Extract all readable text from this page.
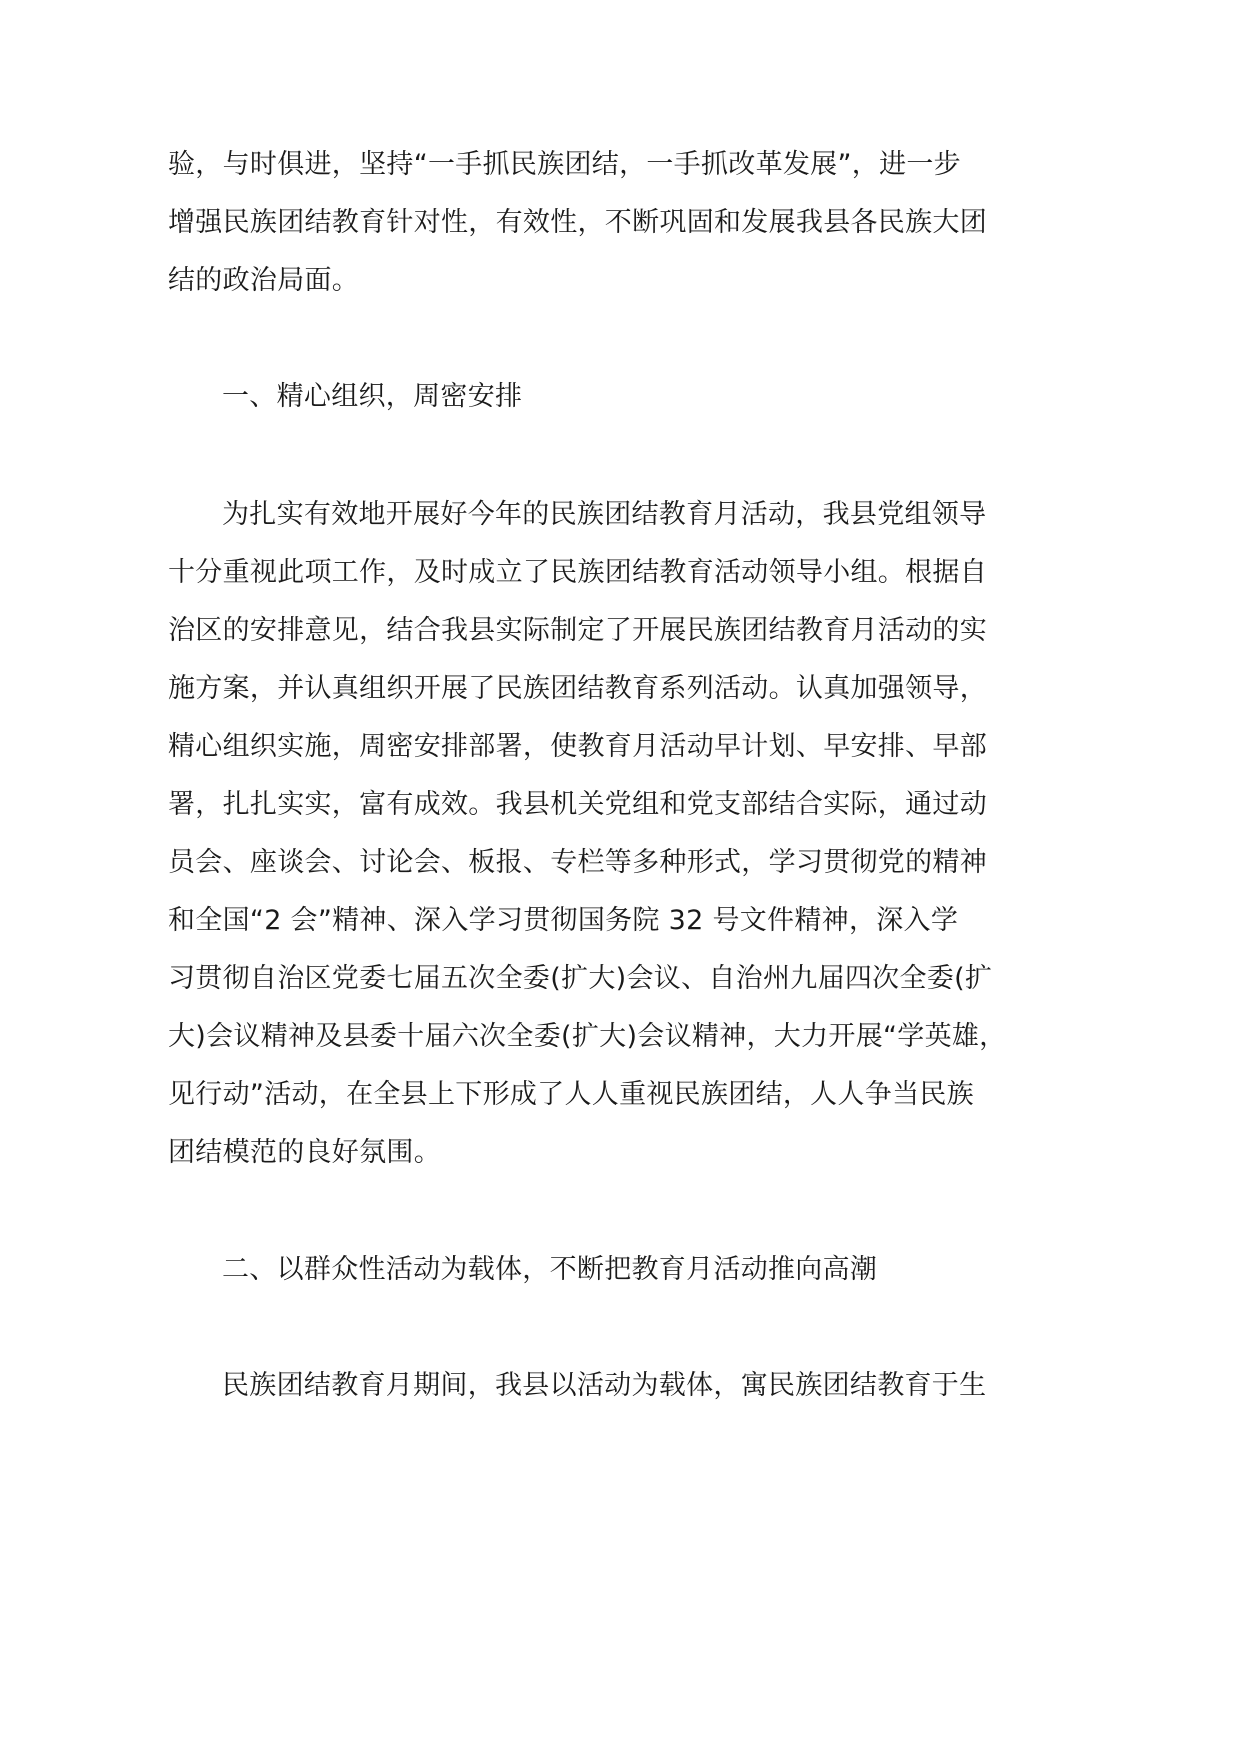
验，与时俱进，坚持“一手抓民族团结，一手抓改革发展”，进一步

增强民族团结教育针对性，有效性，不断巩固和发展我县各民族大团

结的政治局面。

一、精心组织，周密安排

为扎实有效地开展好今年的民族团结教育月活动，我县党组领导

十分重视此项工作，及时成立了民族团结教育活动领导小组。根据自

治区的安排意见，结合我县实际制定了开展民族团结教育月活动的实

施方案，并认真组织开展了民族团结教育系列活动。认真加强领导，

精心组织实施，周密安排部署，使教育月活动早计划、早安排、早部

署，扎扎实实，富有成效。我县机关党组和党支部结合实际，通过动

员会、座谈会、讨论会、板报、专栏等多种形式，学习贯彻党的精神

和全国“2 会”精神、深入学习贯彻国务院 32 号文件精神，深入学

习贯彻自治区党委七届五次全委(扩大)会议、自治州九届四次全委(扩

大)会议精神及县委十届六次全委(扩大)会议精神，大力开展“学英雄，

见行动”活动，在全县上下形成了人人重视民族团结，人人争当民族

团结模范的良好氛围。

二、以群众性活动为载体，不断把教育月活动推向高潮

民族团结教育月期间，我县以活动为载体，寓民族团结教育于生
